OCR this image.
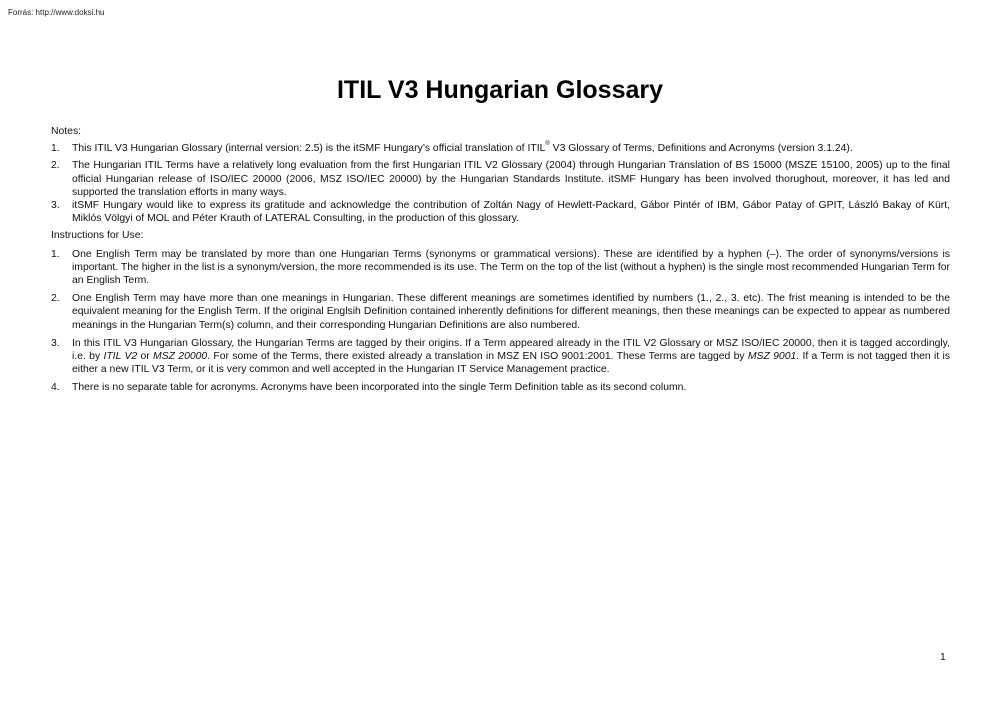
Forrás: http://www.doksi.hu
ITIL V3 Hungarian Glossary
Notes:
1. This ITIL V3 Hungarian Glossary (internal version: 2.5) is the itSMF Hungary’s official translation of ITIL® V3 Glossary of Terms, Definitions and Acronyms (version 3.1.24).
2. The Hungarian ITIL Terms have a relatively long evaluation from the first Hungarian ITIL V2 Glossary (2004) through Hungarian Translation of BS 15000 (MSZE 15100, 2005) up to the final official Hungarian release of ISO/IEC 20000 (2006, MSZ ISO/IEC 20000) by the Hungarian Standards Institute. itSMF Hungary has been involved thorughout, moreover, it has led and supported the translation efforts in many ways.
3. itSMF Hungary would like to express its gratitude and acknowledge the contribution of Zoltán Nagy of Hewlett-Packard, Gábor Pintér of IBM, Gábor Patay of GPIT, László Bakay of Kürt, Miklós Völgyi of MOL and Péter Krauth of LATERAL Consulting, in the production of this glossary.
Instructions for Use:
1. One English Term may be translated by more than one Hungarian Terms (synonyms or grammatical versions). These are identified by a hyphen (–). The order of synonyms/versions is important. The higher in the list is a synonym/version, the more recommended is its use. The Term on the top of the list (without a hyphen) is the single most recommended Hungarian Term for an English Term.
2. One English Term may have more than one meanings in Hungarian. These different meanings are sometimes identified by numbers (1., 2., 3. etc). The frist meaning is intended to be the equivalent meaning for the English Term. If the original Englsih Definition contained inherently definitions for different meanings, then these meanings can be expected to appear as numbered meanings in the Hungarian Term(s) column, and their corresponding Hungarian Definitions are also numbered.
3. In this ITIL V3 Hungarian Glossary, the Hungarian Terms are tagged by their origins. If a Term appeared already in the ITIL V2 Glossary or MSZ ISO/IEC 20000, then it is tagged accordingly, i.e. by ITIL V2 or MSZ 20000. For some of the Terms, there existed already a translation in MSZ EN ISO 9001:2001. These Terms are tagged by MSZ 9001. If a Term is not tagged then it is either a new ITIL V3 Term, or it is very common and well accepted in the Hungarian IT Service Management practice.
4. There is no separate table for acronyms. Acronyms have been incorporated into the single Term Definition table as its second column.
1
